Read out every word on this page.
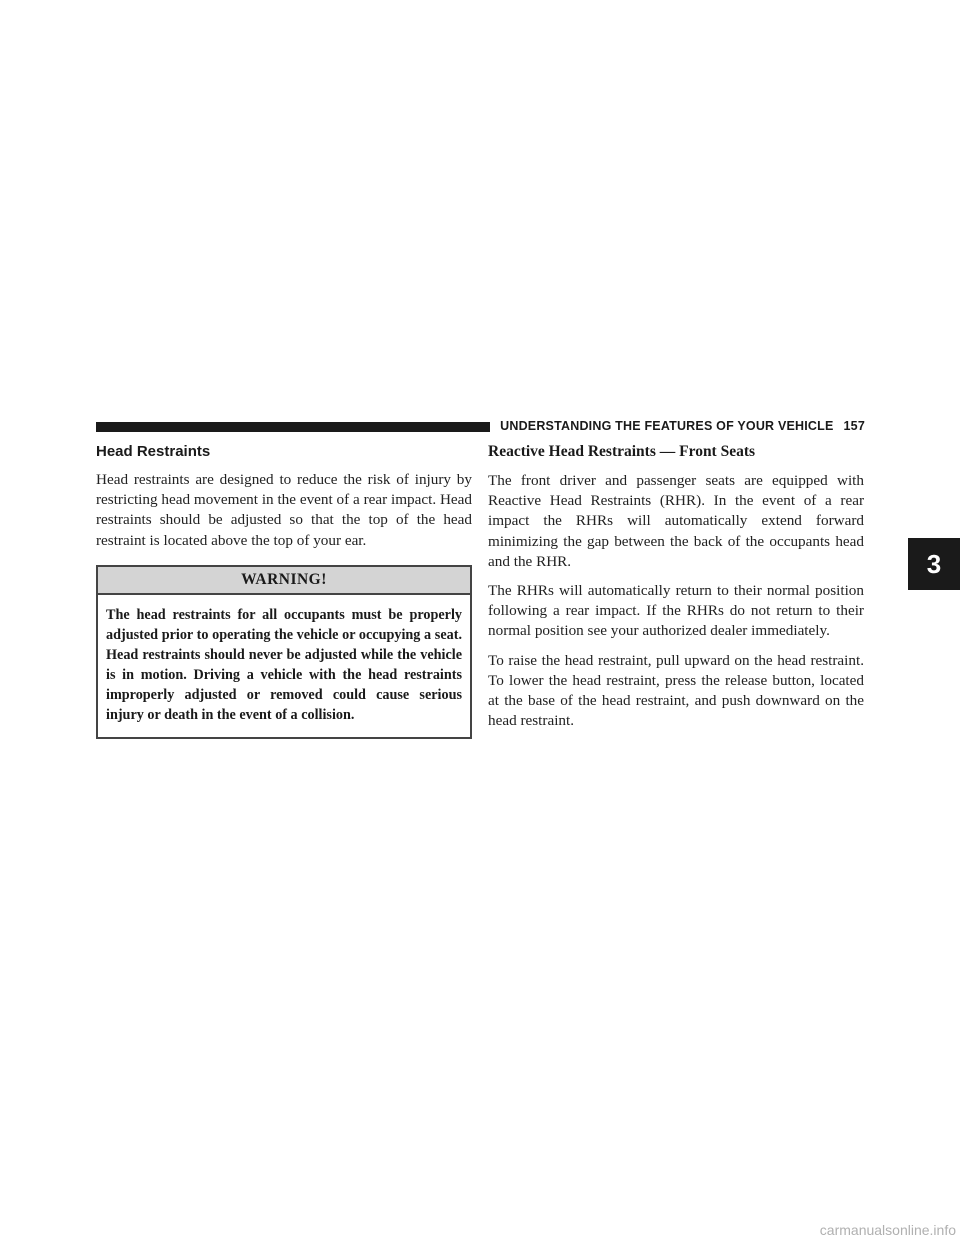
UNDERSTANDING THE FEATURES OF YOUR VEHICLE 157
Head Restraints

Head restraints are designed to reduce the risk of injury by restricting head movement in the event of a rear impact. Head restraints should be adjusted so that the top of the head restraint is located above the top of your ear.

WARNING!
The head restraints for all occupants must be properly adjusted prior to operating the vehicle or occupying a seat. Head restraints should never be adjusted while the vehicle is in motion. Driving a vehicle with the head restraints improperly adjusted or removed could cause serious injury or death in the event of a collision.
Reactive Head Restraints — Front Seats

The front driver and passenger seats are equipped with Reactive Head Restraints (RHR). In the event of a rear impact the RHRs will automatically extend forward minimizing the gap between the back of the occupants head and the RHR.

The RHRs will automatically return to their normal position following a rear impact. If the RHRs do not return to their normal position see your authorized dealer immediately.

To raise the head restraint, pull upward on the head restraint. To lower the head restraint, press the release button, located at the base of the head restraint, and push downward on the head restraint.

3
carmanualsonline.info
